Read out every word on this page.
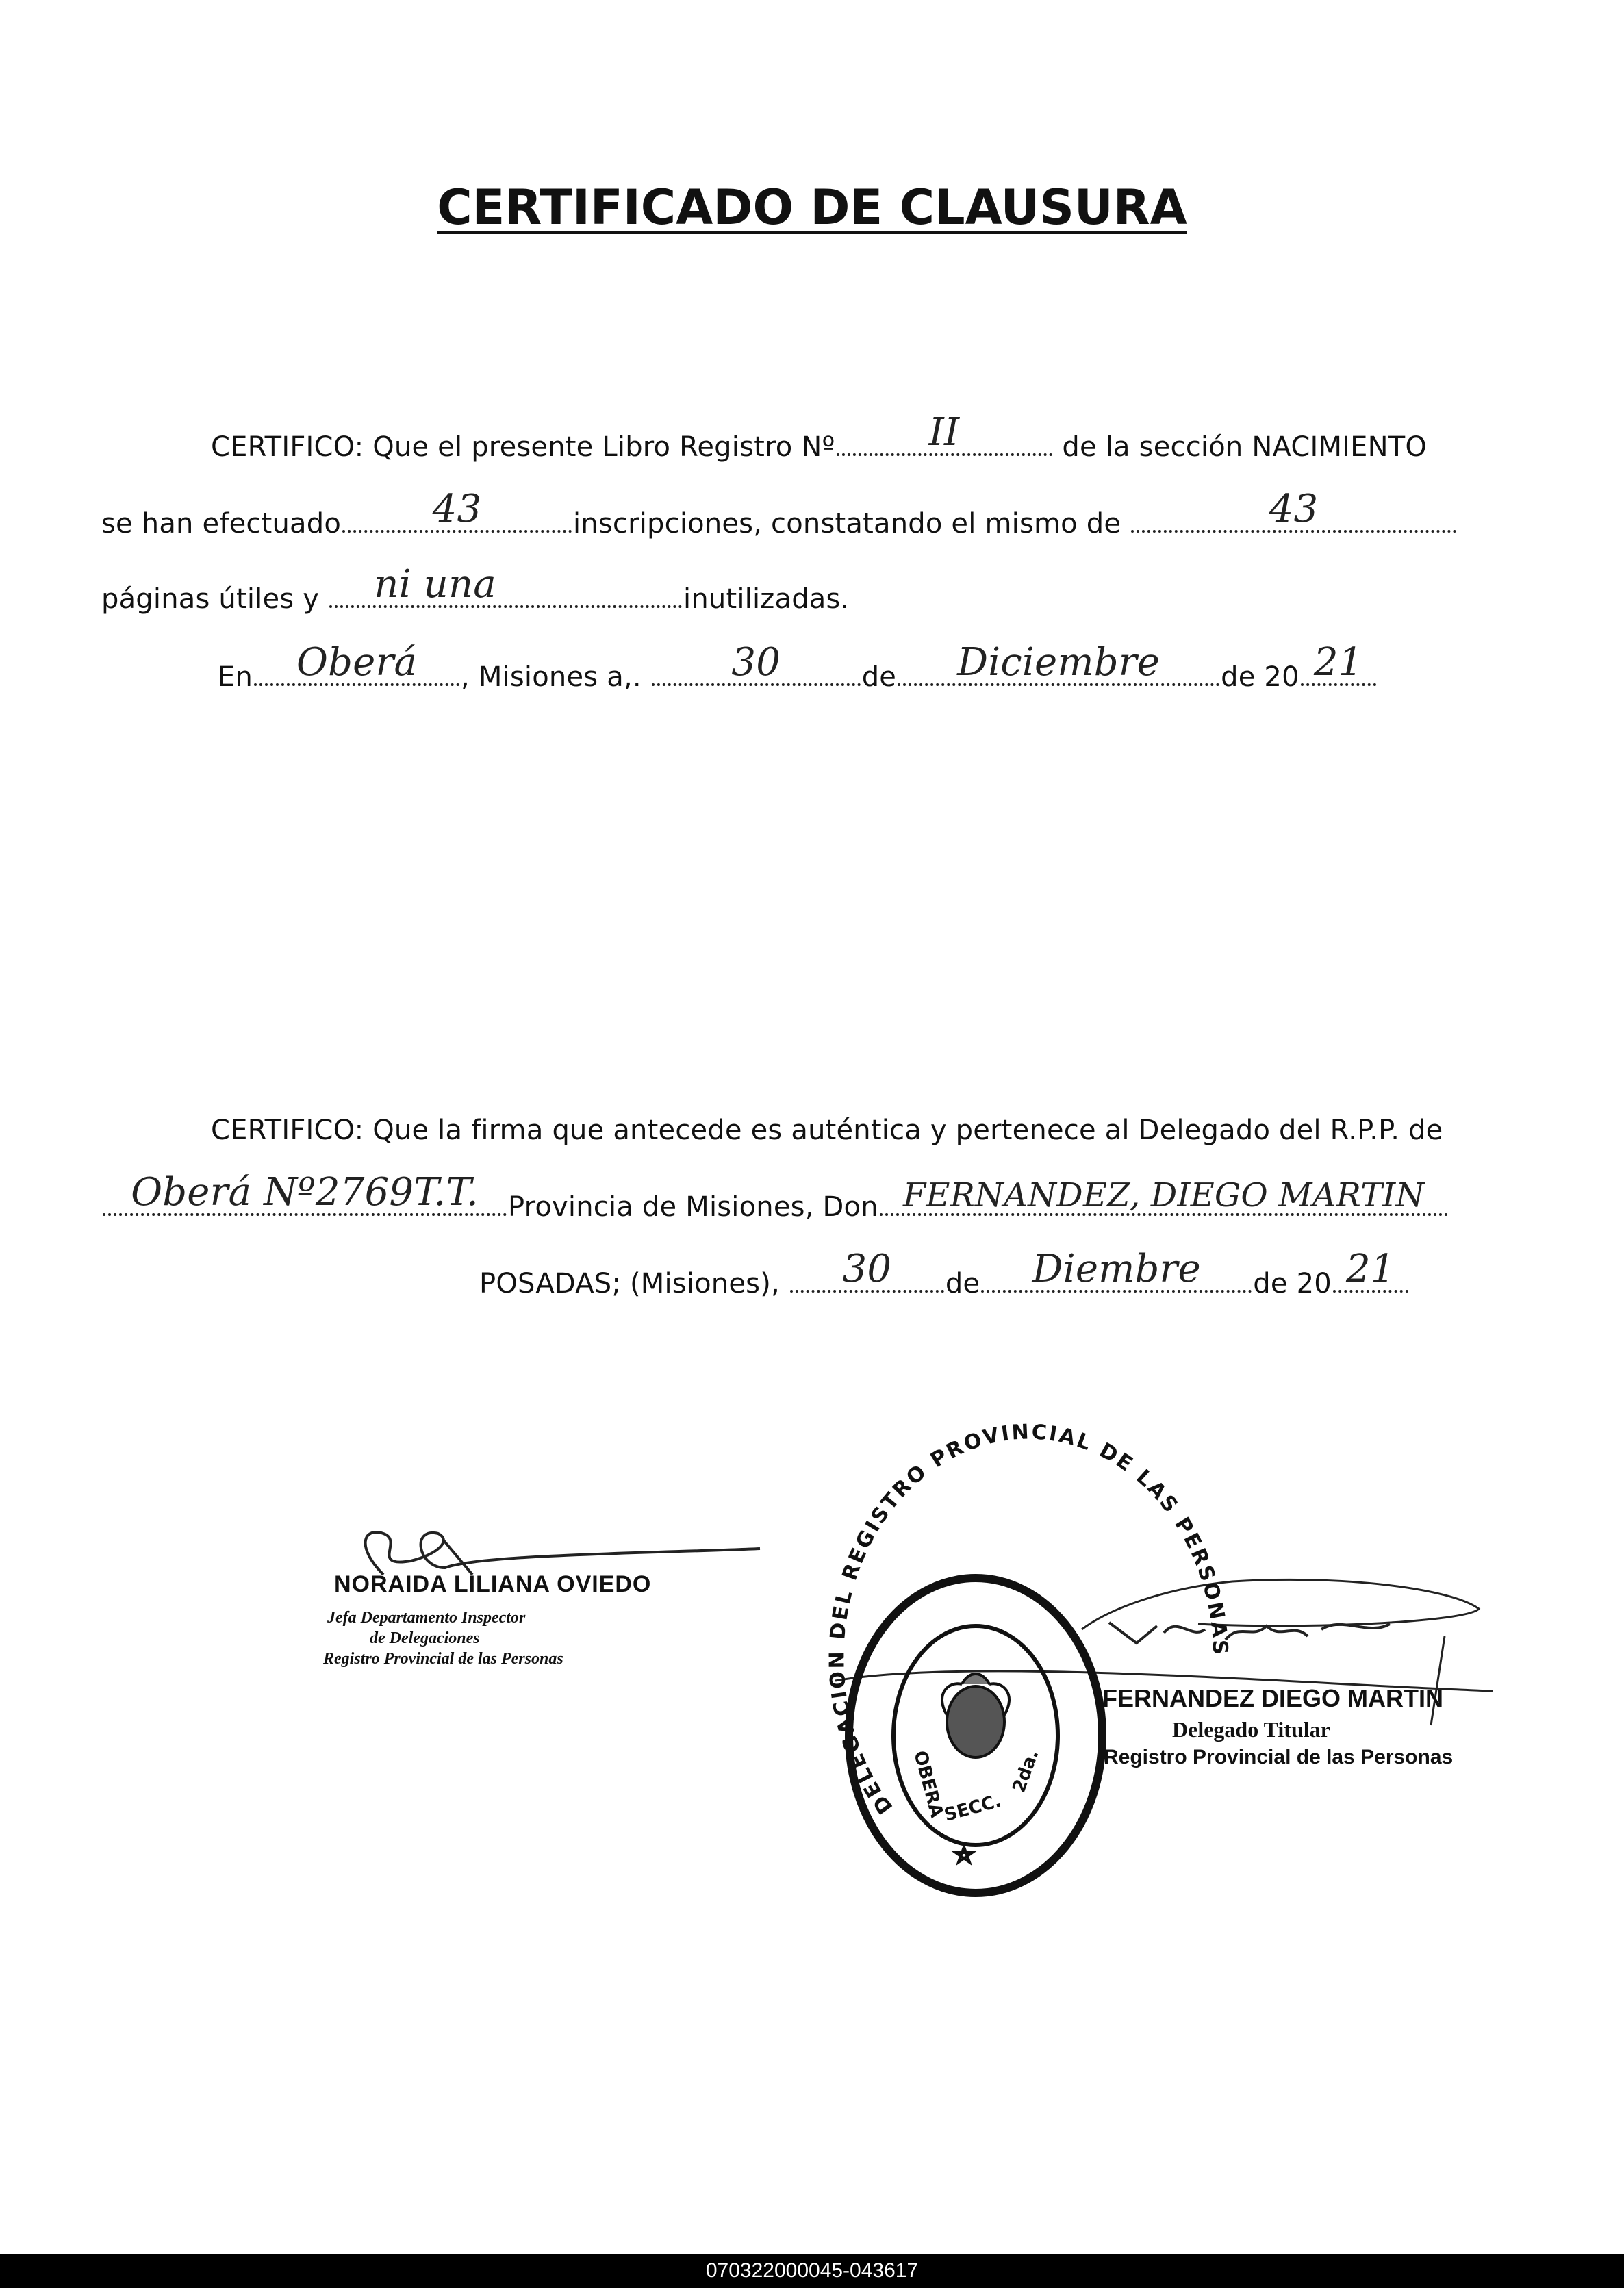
CERTIFICADO DE CLAUSURA
CERTIFICO: Que el presente Libro Registro Nº II	de la sección NACIMIENTO
se han efectuado 43	inscripciones, constatando el mismo de	43
páginas útiles y ni una	inutilizadas.
En Oberá , Misiones a,. 30	de Diciembre de 20 21
CERTIFICO: Que la firma que antecede es auténtica y pertenece al Delegado del R.P.P. de
Oberá Nº2769T.T. Provincia de Misiones, Don FERNANDEZ, DIEGO MARTIN
POSADAS; (Misiones), 30 de Diembre de 20 21
NORAIDA LILIANA OVIEDO
Jefa Departamento Inspector
de Delegaciones
Registro Provincial de las Personas
DELEGACION DEL REGISTRO PROVINCIAL DE LAS PERSONAS
OBERA	2da.
SECC.
FERNANDEZ DIEGO MARTIN
Delegado Titular
Registro Provincial de las Personas
070322000045-043617
